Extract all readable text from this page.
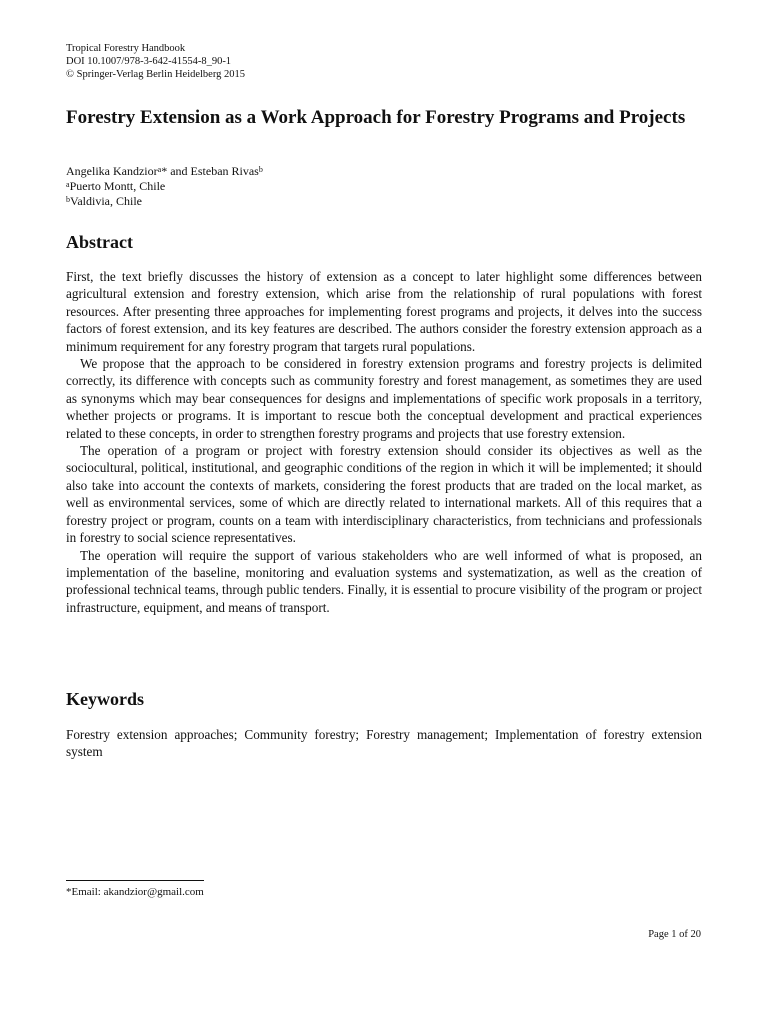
Tropical Forestry Handbook
DOI 10.1007/978-3-642-41554-8_90-1
© Springer-Verlag Berlin Heidelberg 2015
Forestry Extension as a Work Approach for Forestry Programs and Projects
Angelika Kandzior$^a$* and Esteban Rivas$^b$
$^a$Puerto Montt, Chile
$^b$Valdivia, Chile
Abstract

First, the text briefly discusses the history of extension as a concept to later highlight some differences between agricultural extension and forestry extension, which arise from the relationship of rural populations with forest resources. After presenting three approaches for implementing forest programs and projects, it delves into the success factors of forest extension, and its key features are described. The authors consider the forestry extension approach as a minimum requirement for any forestry program that targets rural populations.

We propose that the approach to be considered in forestry extension programs and forestry projects is delimited correctly, its difference with concepts such as community forestry and forest management, as sometimes they are used as synonyms which may bear consequences for designs and implementations of specific work proposals in a territory, whether projects or programs. It is important to rescue both the conceptual development and practical experiences related to these concepts, in order to strengthen forestry programs and projects that use forestry extension.

The operation of a program or project with forestry extension should consider its objectives as well as the sociocultural, political, institutional, and geographic conditions of the region in which it will be implemented; it should also take into account the contexts of markets, considering the forest products that are traded on the local market, as well as environmental services, some of which are directly related to international markets. All of this requires that a forestry project or program, counts on a team with interdisciplinary characteristics, from technicians and professionals in forestry to social science representatives.

The operation will require the support of various stakeholders who are well informed of what is proposed, an implementation of the baseline, monitoring and evaluation systems and systematization, as well as the creation of professional technical teams, through public tenders. Finally, it is essential to procure visibility of the program or project infrastructure, equipment, and means of transport.

Keywords
Forestry extension approaches; Community forestry; Forestry management; Implementation of forestry extension system
*Email: akandzior@gmail.com
Page 1 of 20
